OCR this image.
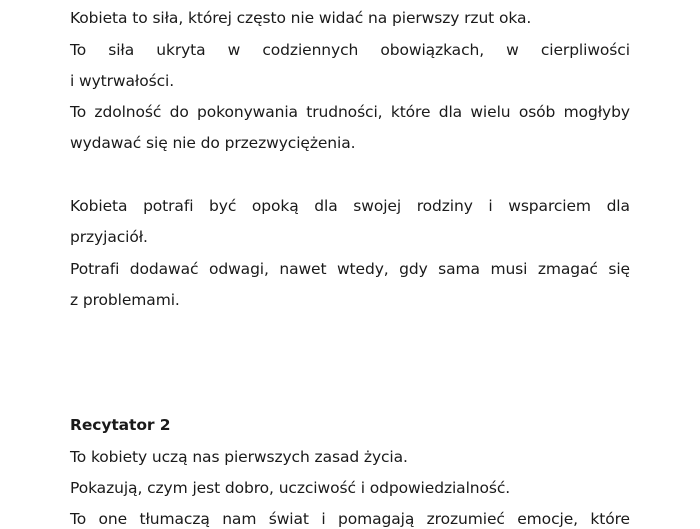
Kobieta to siła, której często nie widać na pierwszy rzut oka.
To siła ukryta w codziennych obowiązkach, w cierpliwości
i wytrwałości.
To zdolność do pokonywania trudności, które dla wielu osób mogłyby
wydawać się nie do przezwyciężenia.
Kobieta potrafi być opoką dla swojej rodziny i wsparciem dla
przyjaciół.
Potrafi dodawać odwagi, nawet wtedy, gdy sama musi zmagać się
z problemami.
Recytator 2
To kobiety uczą nas pierwszych zasad życia.
Pokazują, czym jest dobro, uczciwość i odpowiedzialność.
To one tłumaczą nam świat i pomagają zrozumieć emocje, które
